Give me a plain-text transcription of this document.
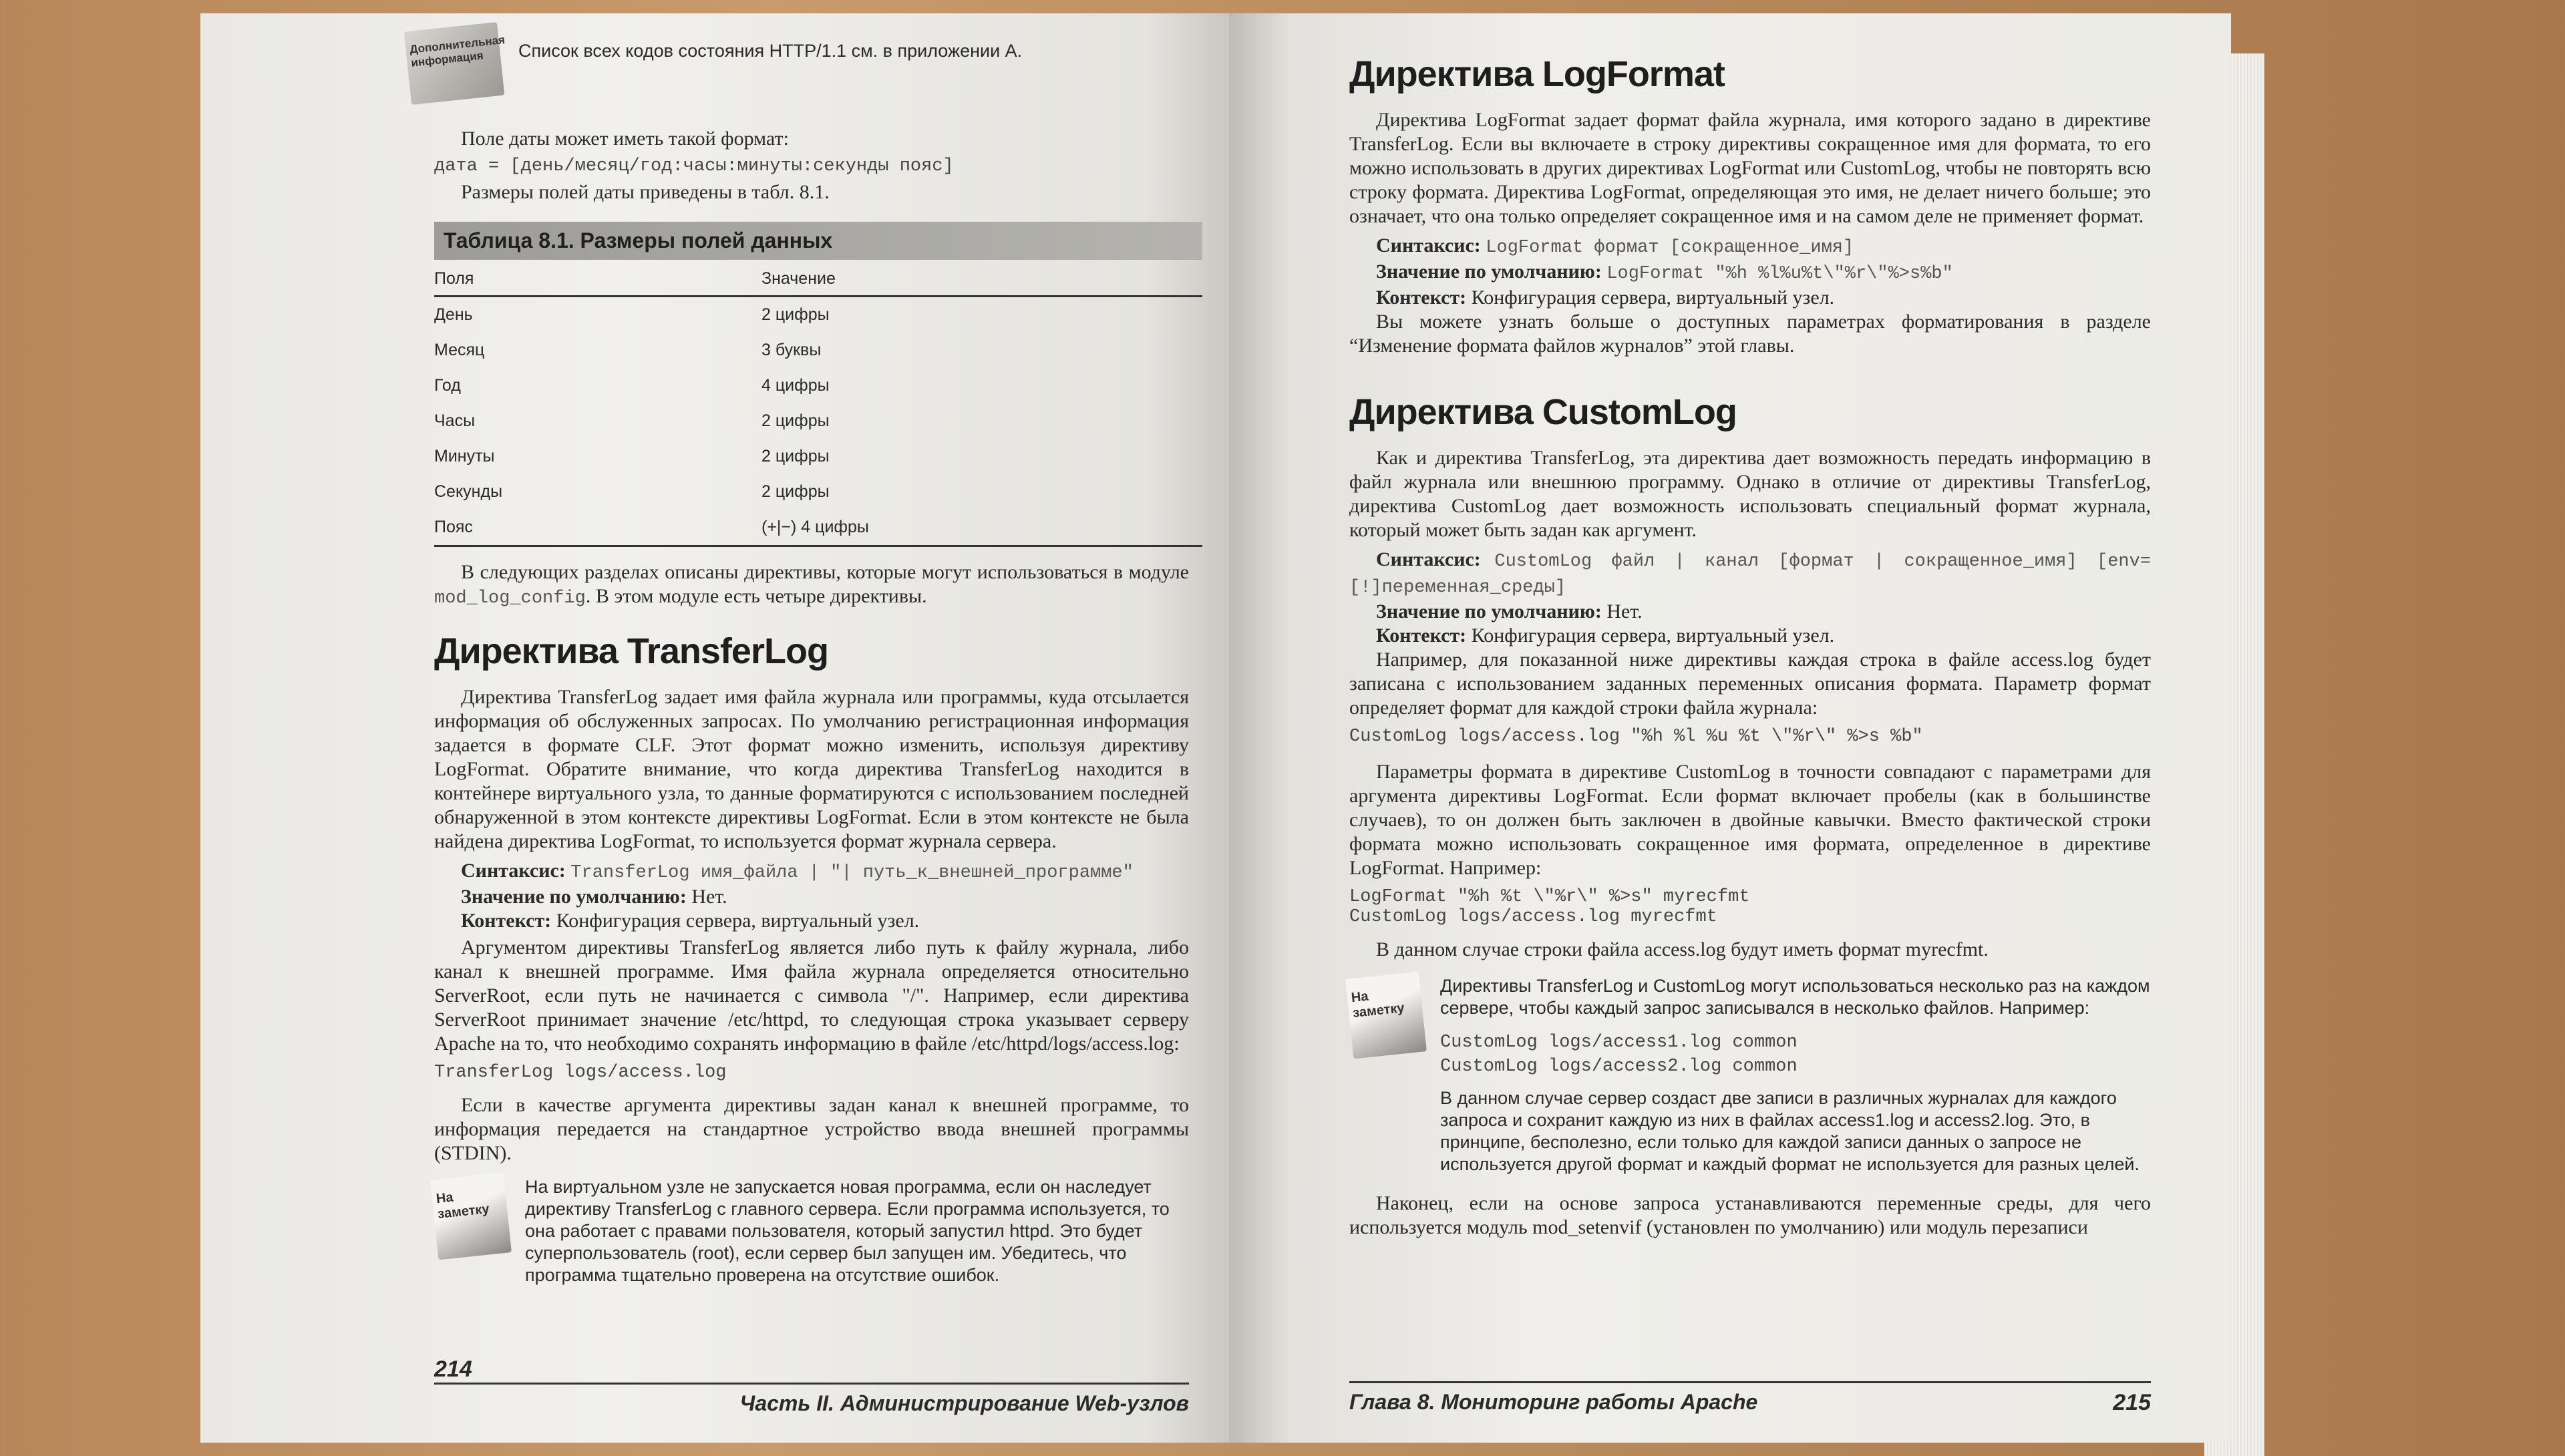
Дополнительная информация	Список всех кодов состояния HTTP/1.1 см. в приложении А.

Поле даты может иметь такой формат:

дата = [день/месяц/год:часы:минуты:секунды пояс]

Размеры полей даты приведены в табл. 8.1.

Таблица 8.1. Размеры полей данных
Поля	Значение
День	2 цифры
Месяц	3 буквы
Год	4 цифры
Часы	2 цифры
Минуты	2 цифры
Секунды	2 цифры
Пояс	(+|−) 4 цифры

В следующих разделах описаны директивы, которые могут использоваться в модуле mod_log_config. В этом модуле есть четыре директивы.

Директива TransferLog

Директива TransferLog задает имя файла журнала или программы, куда отсылается информация об обслуженных запросах. По умолчанию регистрационная информация задается в формате CLF. Этот формат можно изменить, используя директиву LogFormat. Обратите внимание, что когда директива TransferLog находится в контейнере виртуального узла, то данные форматируются с использованием последней обнаруженной в этом контексте директивы LogFormat. Если в этом контексте не была найдена директива LogFormat, то используется формат журнала сервера.

Синтаксис: TransferLog имя_файла | "| путь_к_внешней_программе"

Значение по умолчанию: Нет.

Контекст: Конфигурация сервера, виртуальный узел.

Аргументом директивы TransferLog является либо путь к файлу журнала, либо канал к внешней программе. Имя файла журнала определяется относительно ServerRoot, если путь не начинается с символа "/". Например, если директива ServerRoot принимает значение /etc/httpd, то следующая строка указывает серверу Apache на то, что необходимо сохранять информацию в файле /etc/httpd/logs/access.log:

TransferLog logs/access.log

Если в качестве аргумента директивы задан канал к внешней программе, то информация передается на стандартное устройство ввода внешней программы (STDIN).

На заметку
На виртуальном узле не запускается новая программа, если он наследует директиву TransferLog с главного сервера. Если программа используется, то она работает с правами пользователя, который запустил httpd. Это будет суперпользователь (root), если сервер был запущен им. Убедитесь, что программа тщательно проверена на отсутствие ошибок.
214
Часть II. Администрирование Web-узлов
Директива LogFormat

Директива LogFormat задает формат файла журнала, имя которого задано в директиве TransferLog. Если вы включаете в строку директивы сокращенное имя для формата, то его можно использовать в других директивах LogFormat или CustomLog, чтобы не повторять всю строку формата. Директива LogFormat, определяющая это имя, не делает ничего больше; это означает, что она только определяет сокращенное имя и на самом деле не применяет формат.

Синтаксис: LogFormat формат [сокращенное_имя]

Значение по умолчанию: LogFormat "%h %l%u%t\"%r\"%>s%b"

Контекст: Конфигурация сервера, виртуальный узел.

Вы можете узнать больше о доступных параметрах форматирования в разделе “Изменение формата файлов журналов” этой главы.

Директива CustomLog

Как и директива TransferLog, эта директива дает возможность передать информацию в файл журнала или внешнюю программу. Однако в отличие от директивы TransferLog, директива CustomLog дает возможность использовать специальный формат журнала, который может быть задан как аргумент.

Синтаксис: CustomLog файл | канал [формат | сокращенное_имя] [env=[!]переменная_среды]

Значение по умолчанию: Нет.

Контекст: Конфигурация сервера, виртуальный узел.

Например, для показанной ниже директивы каждая строка в файле access.log будет записана с использованием заданных переменных описания формата. Параметр формат определяет формат для каждой строки файла журнала:

CustomLog logs/access.log "%h %l %u %t \"%r\" %>s %b"

Параметры формата в директиве CustomLog в точности совпадают с параметрами для аргумента директивы LogFormat. Если формат включает пробелы (как в большинстве случаев), то он должен быть заключен в двойные кавычки. Вместо фактической строки формата можно использовать сокращенное имя формата, определенное в директиве LogFormat. Например:

LogFormat "%h %t \"%r\" %>s" myrecfmt
CustomLog logs/access.log myrecfmt

В данном случае строки файла access.log будут иметь формат myrecfmt.

На заметку
Директивы TransferLog и CustomLog могут использоваться несколько раз на каждом сервере, чтобы каждый запрос записывался в несколько файлов. Например:
CustomLog logs/access1.log common
CustomLog logs/access2.log common
В данном случае сервер создаст две записи в различных журналах для каждого запроса и сохранит каждую из них в файлах access1.log и access2.log. Это, в принципе, бесполезно, если только для каждой записи данных о запросе не используется другой формат и каждый формат не используется для разных целей.

Наконец, если на основе запроса устанавливаются переменные среды, для чего используется модуль mod_setenvif (установлен по умолчанию) или модуль перезаписи

Глава 8. Мониторинг работы Apache	215
